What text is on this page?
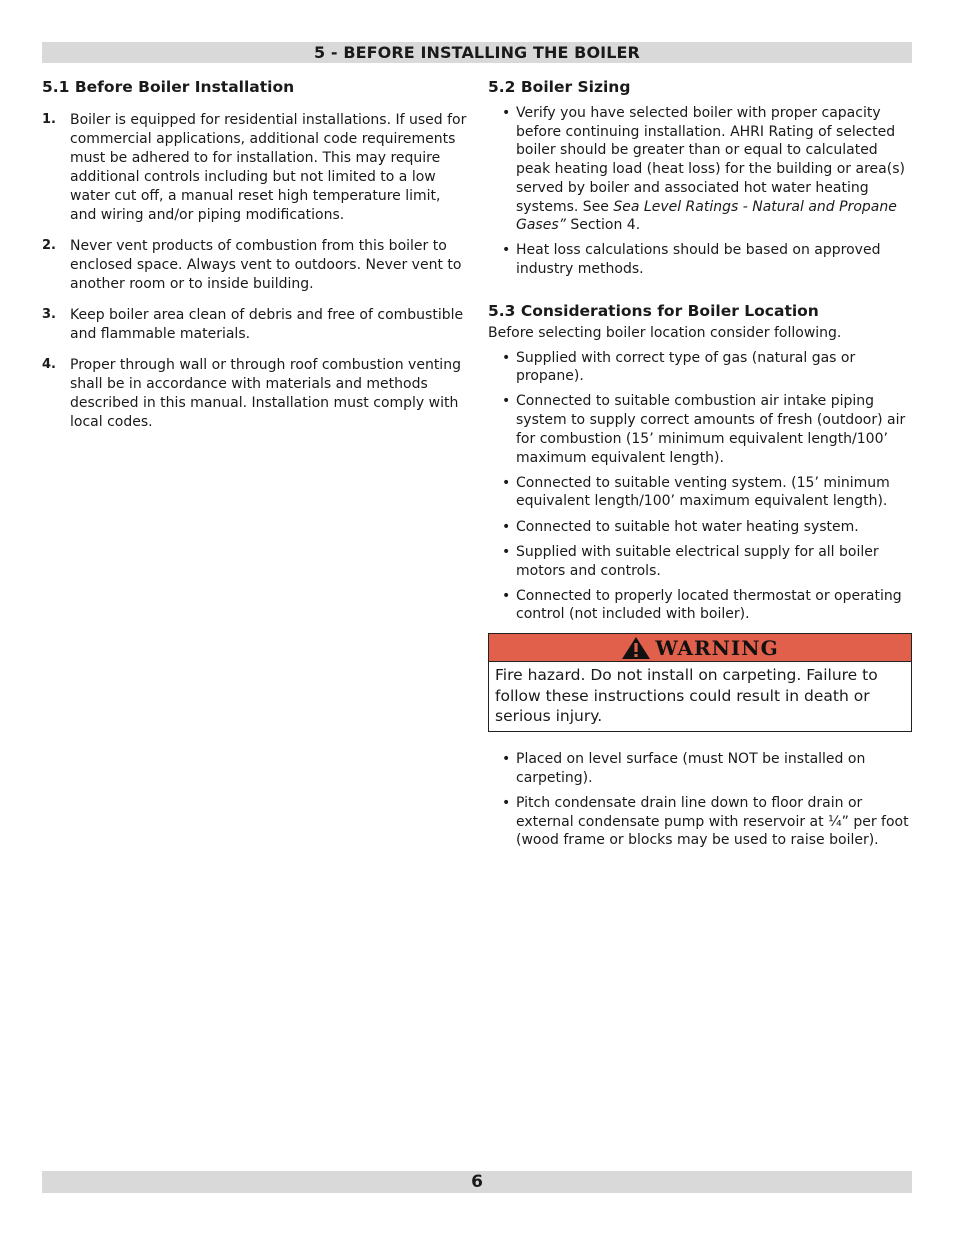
5 - BEFORE INSTALLING THE BOILER
5.1 Before Boiler Installation
1. Boiler is equipped for residential installations. If used for commercial applications, additional code requirements must be adhered to for installation. This may require additional controls including but not limited to a low water cut off, a manual reset high temperature limit, and wiring and/or piping modifications.
2. Never vent products of combustion from this boiler to enclosed space. Always vent to outdoors. Never vent to another room or to inside building.
3. Keep boiler area clean of debris and free of combustible and flammable materials.
4. Proper through wall or through roof combustion venting shall be in accordance with materials and methods described in this manual. Installation must comply with local codes.
5.2 Boiler Sizing
• Verify you have selected boiler with proper capacity before continuing installation. AHRI Rating of selected boiler should be greater than or equal to calculated peak heating load (heat loss) for the building or area(s) served by boiler and associated hot water heating systems. See Sea Level Ratings - Natural and Propane Gases” Section 4.
• Heat loss calculations should be based on approved industry methods.
5.3 Considerations for Boiler Location

Before selecting boiler location consider following.

• Supplied with correct type of gas (natural gas or propane).
• Connected to suitable combustion air intake piping system to supply correct amounts of fresh (outdoor) air for combustion (15’ minimum equivalent length/100’ maximum equivalent length).
• Connected to suitable venting system. (15’ minimum equivalent length/100’ maximum equivalent length).
• Connected to suitable hot water heating system.
• Supplied with suitable electrical supply for all boiler motors and controls.
• Connected to properly located thermostat or operating control (not included with boiler).
WARNING
Fire hazard. Do not install on carpeting. Failure to follow these instructions could result in death or serious injury.
• Placed on level surface (must NOT be installed on carpeting).
• Pitch condensate drain line down to floor drain or external condensate pump with reservoir at ¼” per foot (wood frame or blocks may be used to raise boiler).
6
